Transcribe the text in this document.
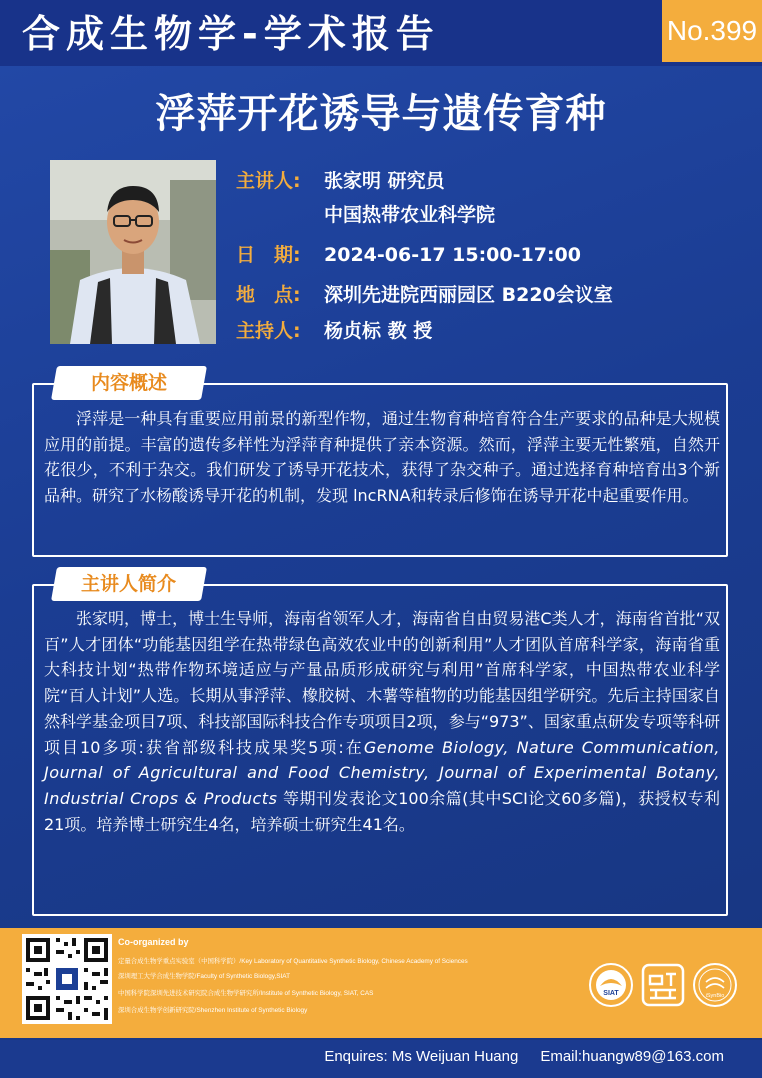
合成生物学-学术报告	No.399
浮萍开花诱导与遗传育种
主讲人: 张家明 研究员
中国热带农业科学院
日　期: 2024-06-17 15:00-17:00
地　点: 深圳先进院西丽园区 B220会议室
主持人: 杨贞标 教 授
内容概述

浮萍是一种具有重要应用前景的新型作物，通过生物育种培育符合生产要求的品种是大规模应用的前提。丰富的遗传多样性为浮萍育种提供了亲本资源。然而，浮萍主要无性繁殖，自然开花很少，不利于杂交。我们研发了诱导开花技术，获得了杂交种子。通过选择育种培育出3个新品种。研究了水杨酸诱导开花的机制，发现 lncRNA和转录后修饰在诱导开花中起重要作用。

主讲人简介

张家明，博士，博士生导师，海南省领军人才，海南省自由贸易港C类人才，海南省首批“双百”人才团体“功能基因组学在热带绿色高效农业中的创新利用”人才团队首席科学家，海南省重大科技计划“热带作物环境适应与产量品质形成研究与利用”首席科学家，中国热带农业科学院“百人计划”人选。长期从事浮萍、橡胶树、木薯等植物的功能基因组学研究。先后主持国家自然科学基金项目7项、科技部国际科技合作专项项目2项，参与“973”、国家重点研发专项等科研项目10多项:获省部级科技成果奖5项:在Genome Biology, Nature Communication, Journal of Agricultural and Food Chemistry, Journal of Experimental Botany, Industrial Crops & Products 等期刊发表论文100余篇(其中SCI论文60多篇)，获授权专利21项。培养博士研究生4名，培养硕士研究生41名。

Co-organized by
定量合成生物学重点实验室（中国科学院）/Key Laboratory of Quantitative Synthetic Biology, Chinese Academy of Sciences
深圳理工大学合成生物学院/Faculty of Synthetic Biology,SIAT
中国科学院深圳先进技术研究院合成生物学研究所/Institute of Synthetic Biology, SIAT, CAS
深圳合成生物学创新研究院/Shenzhen Institute of Synthetic Biology
SIAT	iSynBio
Enquires: Ms Weijuan Huang Email:huangw89@163.com
